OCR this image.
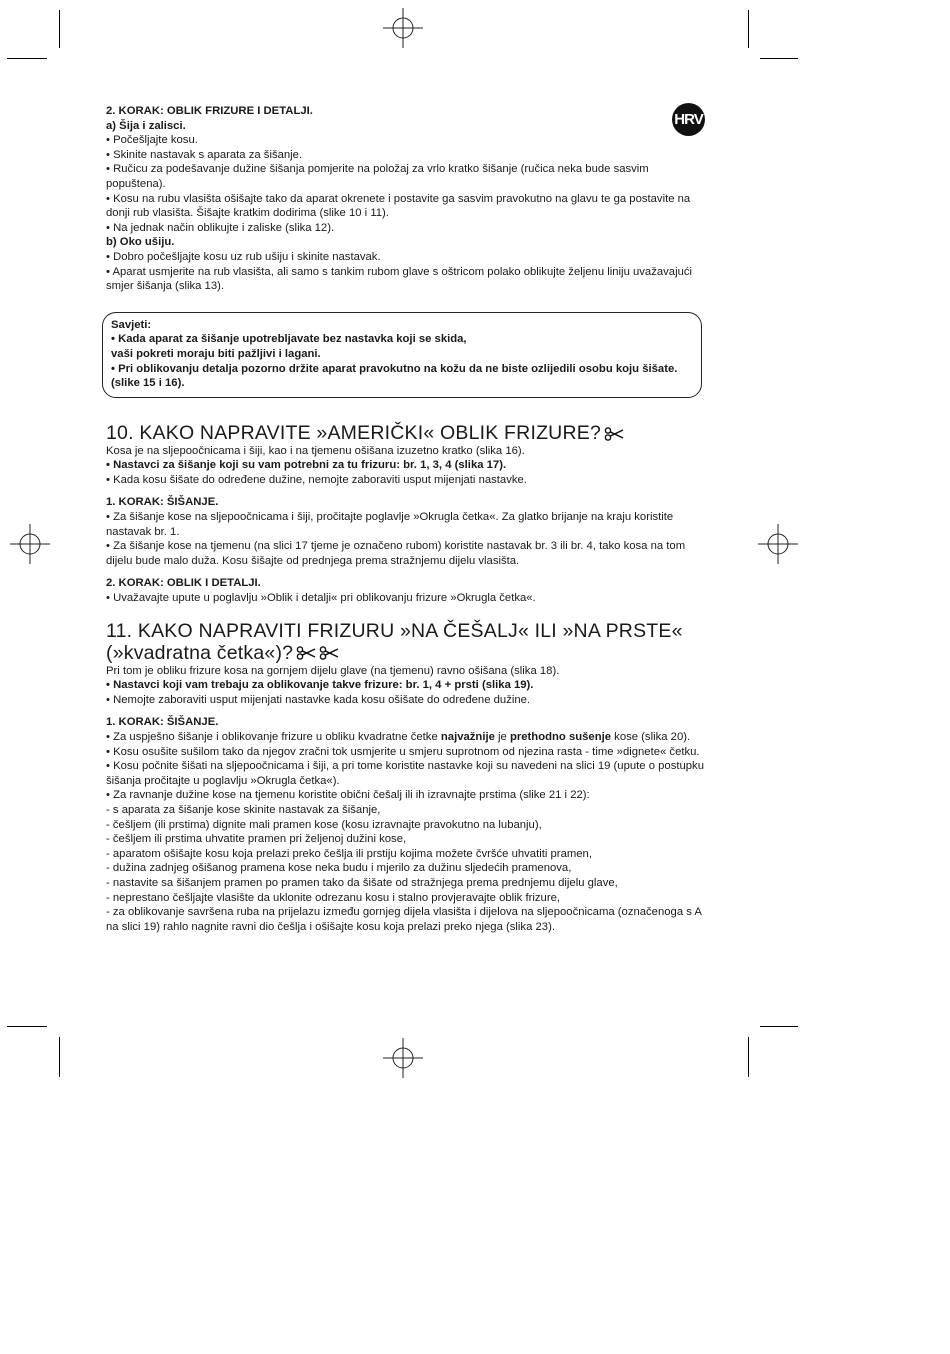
HRV

2. KORAK: OBLIK FRIZURE I DETALJI.

a) Šija i zalisci.

• Počešljajte kosu.

• Skinite nastavak s aparata za šišanje.

• Ručicu za podešavanje dužine šišanja pomjerite na položaj za vrlo kratko šišanje (ručica neka bude sasvim popuštena).

• Kosu na rubu vlasišta ošišajte tako da aparat okrenete i postavite ga sasvim pravokutno na glavu te ga postavite na donji rub vlasišta. Šišajte kratkim dodirima (slike 10 i 11).

• Na jednak način oblikujte i zaliske (slika 12).

b) Oko ušiju.

• Dobro počešljajte kosu uz rub ušiju i skinite nastavak.

• Aparat usmjerite na rub vlasišta, ali samo s tankim rubom glave s oštricom polako oblikujte željenu liniju uvažavajući smjer šišanja (slika 13).

Savjeti:

• Kada aparat za šišanje upotrebljavate bez nastavka koji se skida,

vaši pokreti moraju biti pažljivi i lagani.

• Pri oblikovanju detalja pozorno držite aparat pravokutno na kožu da ne biste ozlijedili osobu koju šišate. (slike 15 i 16).

10. KAKO NAPRAVITE »AMERIČKI« OBLIK FRIZURE?

Kosa je na sljepoočnicama i šiji, kao i na tjemenu ošišana izuzetno kratko (slika 16).

• Nastavci za šišanje koji su vam potrebni za tu frizuru: br. 1, 3, 4 (slika 17).

• Kada kosu šišate do određene dužine, nemojte zaboraviti usput mijenjati nastavke.

1. KORAK: ŠIŠANJE.

• Za šišanje kose na sljepoočnicama i šiji, pročitajte poglavlje »Okrugla četka«. Za glatko brijanje na kraju koristite nastavak br. 1.

• Za šišanje kose na tjemenu (na slici 17 tjeme je označeno rubom) koristite nastavak br. 3 ili br. 4, tako kosa na tom dijelu bude malo duža. Kosu šišajte od prednjega prema stražnjemu dijelu vlasišta.

2. KORAK: OBLIK I DETALJI.

• Uvažavajte upute u poglavlju »Oblik i detalji« pri oblikovanju frizure »Okrugla četka«.

11. KAKO NAPRAVITI FRIZURU »NA ČEŠALJ« ILI »NA PRSTE«
(»kvadratna četka«)?

Pri tom je obliku frizure kosa na gornjem dijelu glave (na tjemenu) ravno ošišana (slika 18).

• Nastavci koji vam trebaju za oblikovanje takve frizure: br. 1, 4 + prsti (slika 19).

• Nemojte zaboraviti usput mijenjati nastavke kada kosu ošišate do određene dužine.

1. KORAK: ŠIŠANJE.

• Za uspješno šišanje i oblikovanje frizure u obliku kvadratne četke najvažnije je prethodno sušenje kose (slika 20).

• Kosu osušite sušilom tako da njegov zračni tok usmjerite u smjeru suprotnom od njezina rasta - time »dignete« četku.

• Kosu počnite šišati na sljepoočnicama i šiji, a pri tome koristite nastavke koji su navedeni na slici 19 (upute o postupku šišanja pročitajte u poglavlju »Okrugla četka«).

• Za ravnanje dužine kose na tjemenu koristite obični češalj ili ih izravnajte prstima (slike 21 i 22):

- s aparata za šišanje kose skinite nastavak za šišanje,

- češljem (ili prstima) dignite mali pramen kose (kosu izravnajte pravokutno na lubanju),

- češljem ili prstima uhvatite pramen pri željenoj dužini kose,

- aparatom ošišajte kosu koja prelazi preko češlja ili prstiju kojima možete čvršće uhvatiti pramen,

- dužina zadnjeg ošišanog pramena kose neka budu i mjerilo za dužinu sljedećih pramenova,

- nastavite sa šišanjem pramen po pramen tako da šišate od stražnjega prema prednjemu dijelu glave,

- neprestano češljajte vlasište da uklonite odrezanu kosu i stalno provjeravajte oblik frizure,

- za oblikovanje savršena ruba na prijelazu između gornjeg dijela vlasišta i dijelova na sljepoočnicama (označenoga s A na slici 19) rahlo nagnite ravni dio češlja i ošišajte kosu koja prelazi preko njega (slika 23).
